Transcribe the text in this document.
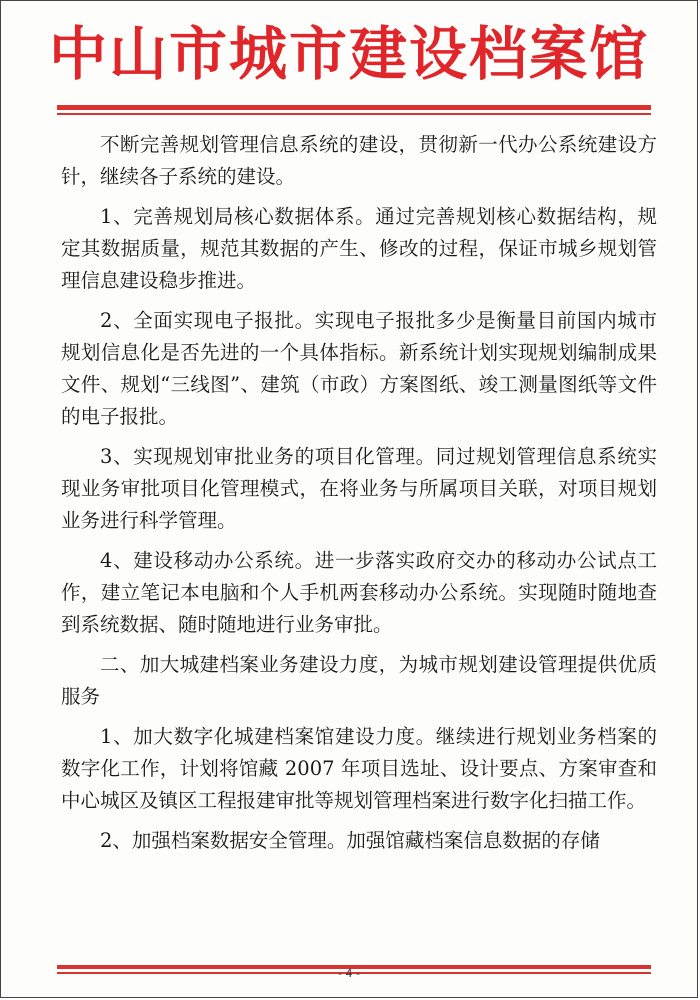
中山市城市建设档案馆

不断完善规划管理信息系统的建设，贯彻新一代办公系统建设方针，继续各子系统的建设。

1、完善规划局核心数据体系。通过完善规划核心数据结构，规定其数据质量，规范其数据的产生、修改的过程，保证市城乡规划管理信息建设稳步推进。

2、全面实现电子报批。实现电子报批多少是衡量目前国内城市规划信息化是否先进的一个具体指标。新系统计划实现规划编制成果文件、规划“三线图”、建筑（市政）方案图纸、竣工测量图纸等文件的电子报批。

3、实现规划审批业务的项目化管理。同过规划管理信息系统实现业务审批项目化管理模式，在将业务与所属项目关联，对项目规划业务进行科学管理。

4、建设移动办公系统。进一步落实政府交办的移动办公试点工作，建立笔记本电脑和个人手机两套移动办公系统。实现随时随地查到系统数据、随时随地进行业务审批。

二、加大城建档案业务建设力度，为城市规划建设管理提供优质服务

1、加大数字化城建档案馆建设力度。继续进行规划业务档案的数字化工作，计划将馆藏 2007 年项目选址、设计要点、方案审查和中心城区及镇区工程报建审批等规划管理档案进行数字化扫描工作。

2、加强档案数据安全管理。加强馆藏档案信息数据的存储

- 4 -
